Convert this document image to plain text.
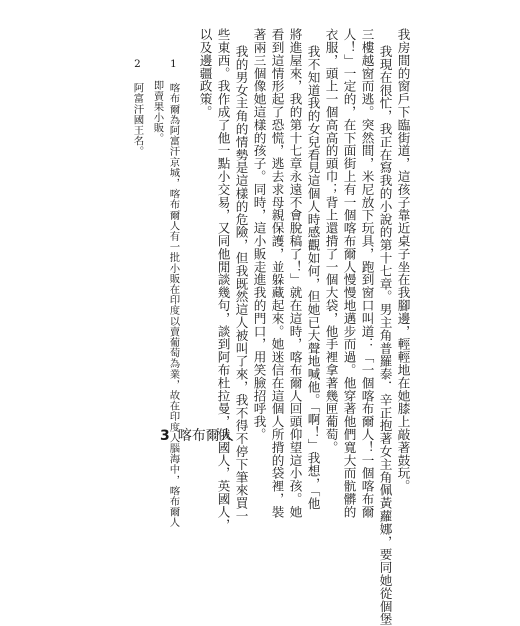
我房間的窗戶下臨街道，這孩子靠近桌子坐在我腳邊，輕輕地在她膝上敲著鼓玩。
我現在很忙，我正在寫我的小說的第十七章。男主角普羅泰．辛正抱著女主角佩黃蘿娜，要同她從個堡
三樓越窗而逃。突然間，米尼放下玩具，跑到窗口叫道：「一個喀布爾人！一個喀布爾
人！」一定的，在下面街上有一個喀布爾人慢慢地邁步而過。他穿著他們寬大而骯髒的
衣服，頭上一個高高的頭巾；背上還揹了一個大袋，他手裡拿著幾匣葡萄。
我不知道我的女兒看見這個人時感觀如何，但她已大聲地喊他。「啊！」我想，「他
將進屋來，我的第十七章永遠不會脫稿了！」就在這時，喀布爾人回頭仰望這小孩。她
看到這情形起了恐慌，逃去求母親保護，並躲藏起來。她迷信在這個人所揹的袋裡，裝
著兩三個像她這樣的孩子。同時，這小販走進我的門口，用笑臉招呼我。
我的男女主角的情勢是這樣的危險，但我既然這人被叫了來，我不得不停下筆來買一
些東西。我作成了他一點小交易，又同他閒談幾句，談到阿布杜拉曼，俄國人，英國人，
以及邊疆政策。
1 喀布爾為阿富汗京城，喀布爾人有一批小販在印度以賣葡萄為業，故在印度人腦海中，喀布爾人
即賣果小販。
2 阿富汗國王名。
3 喀布爾人
